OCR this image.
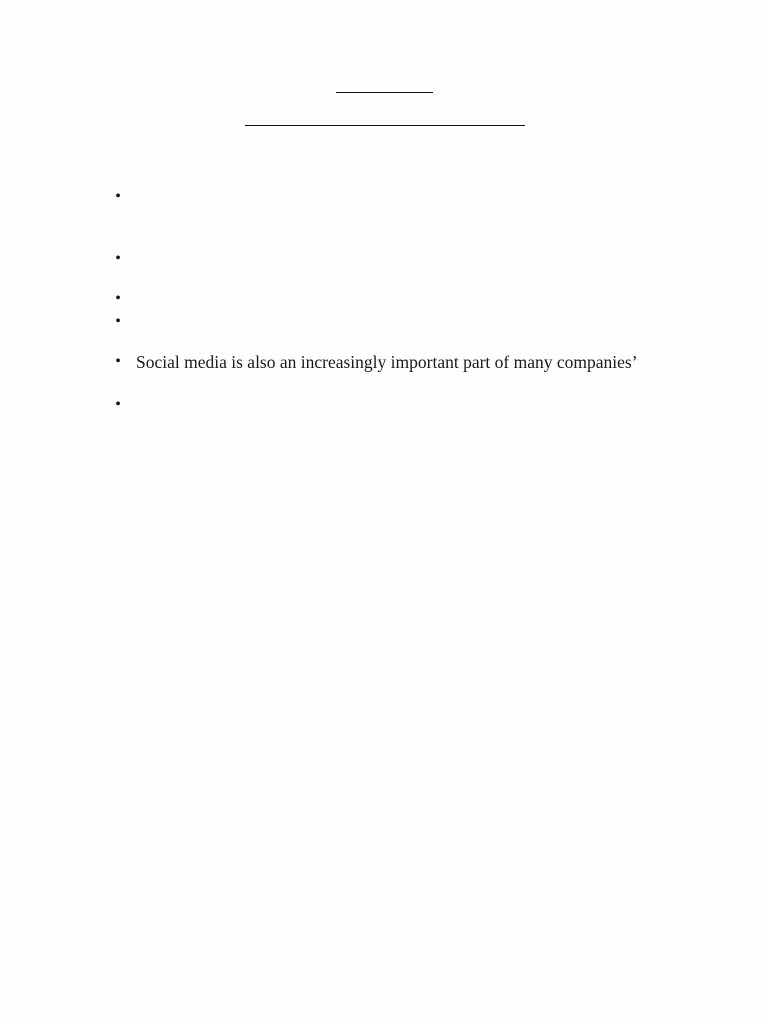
•
•
•
•
• Social media is also an increasingly important part of many companies’
•
